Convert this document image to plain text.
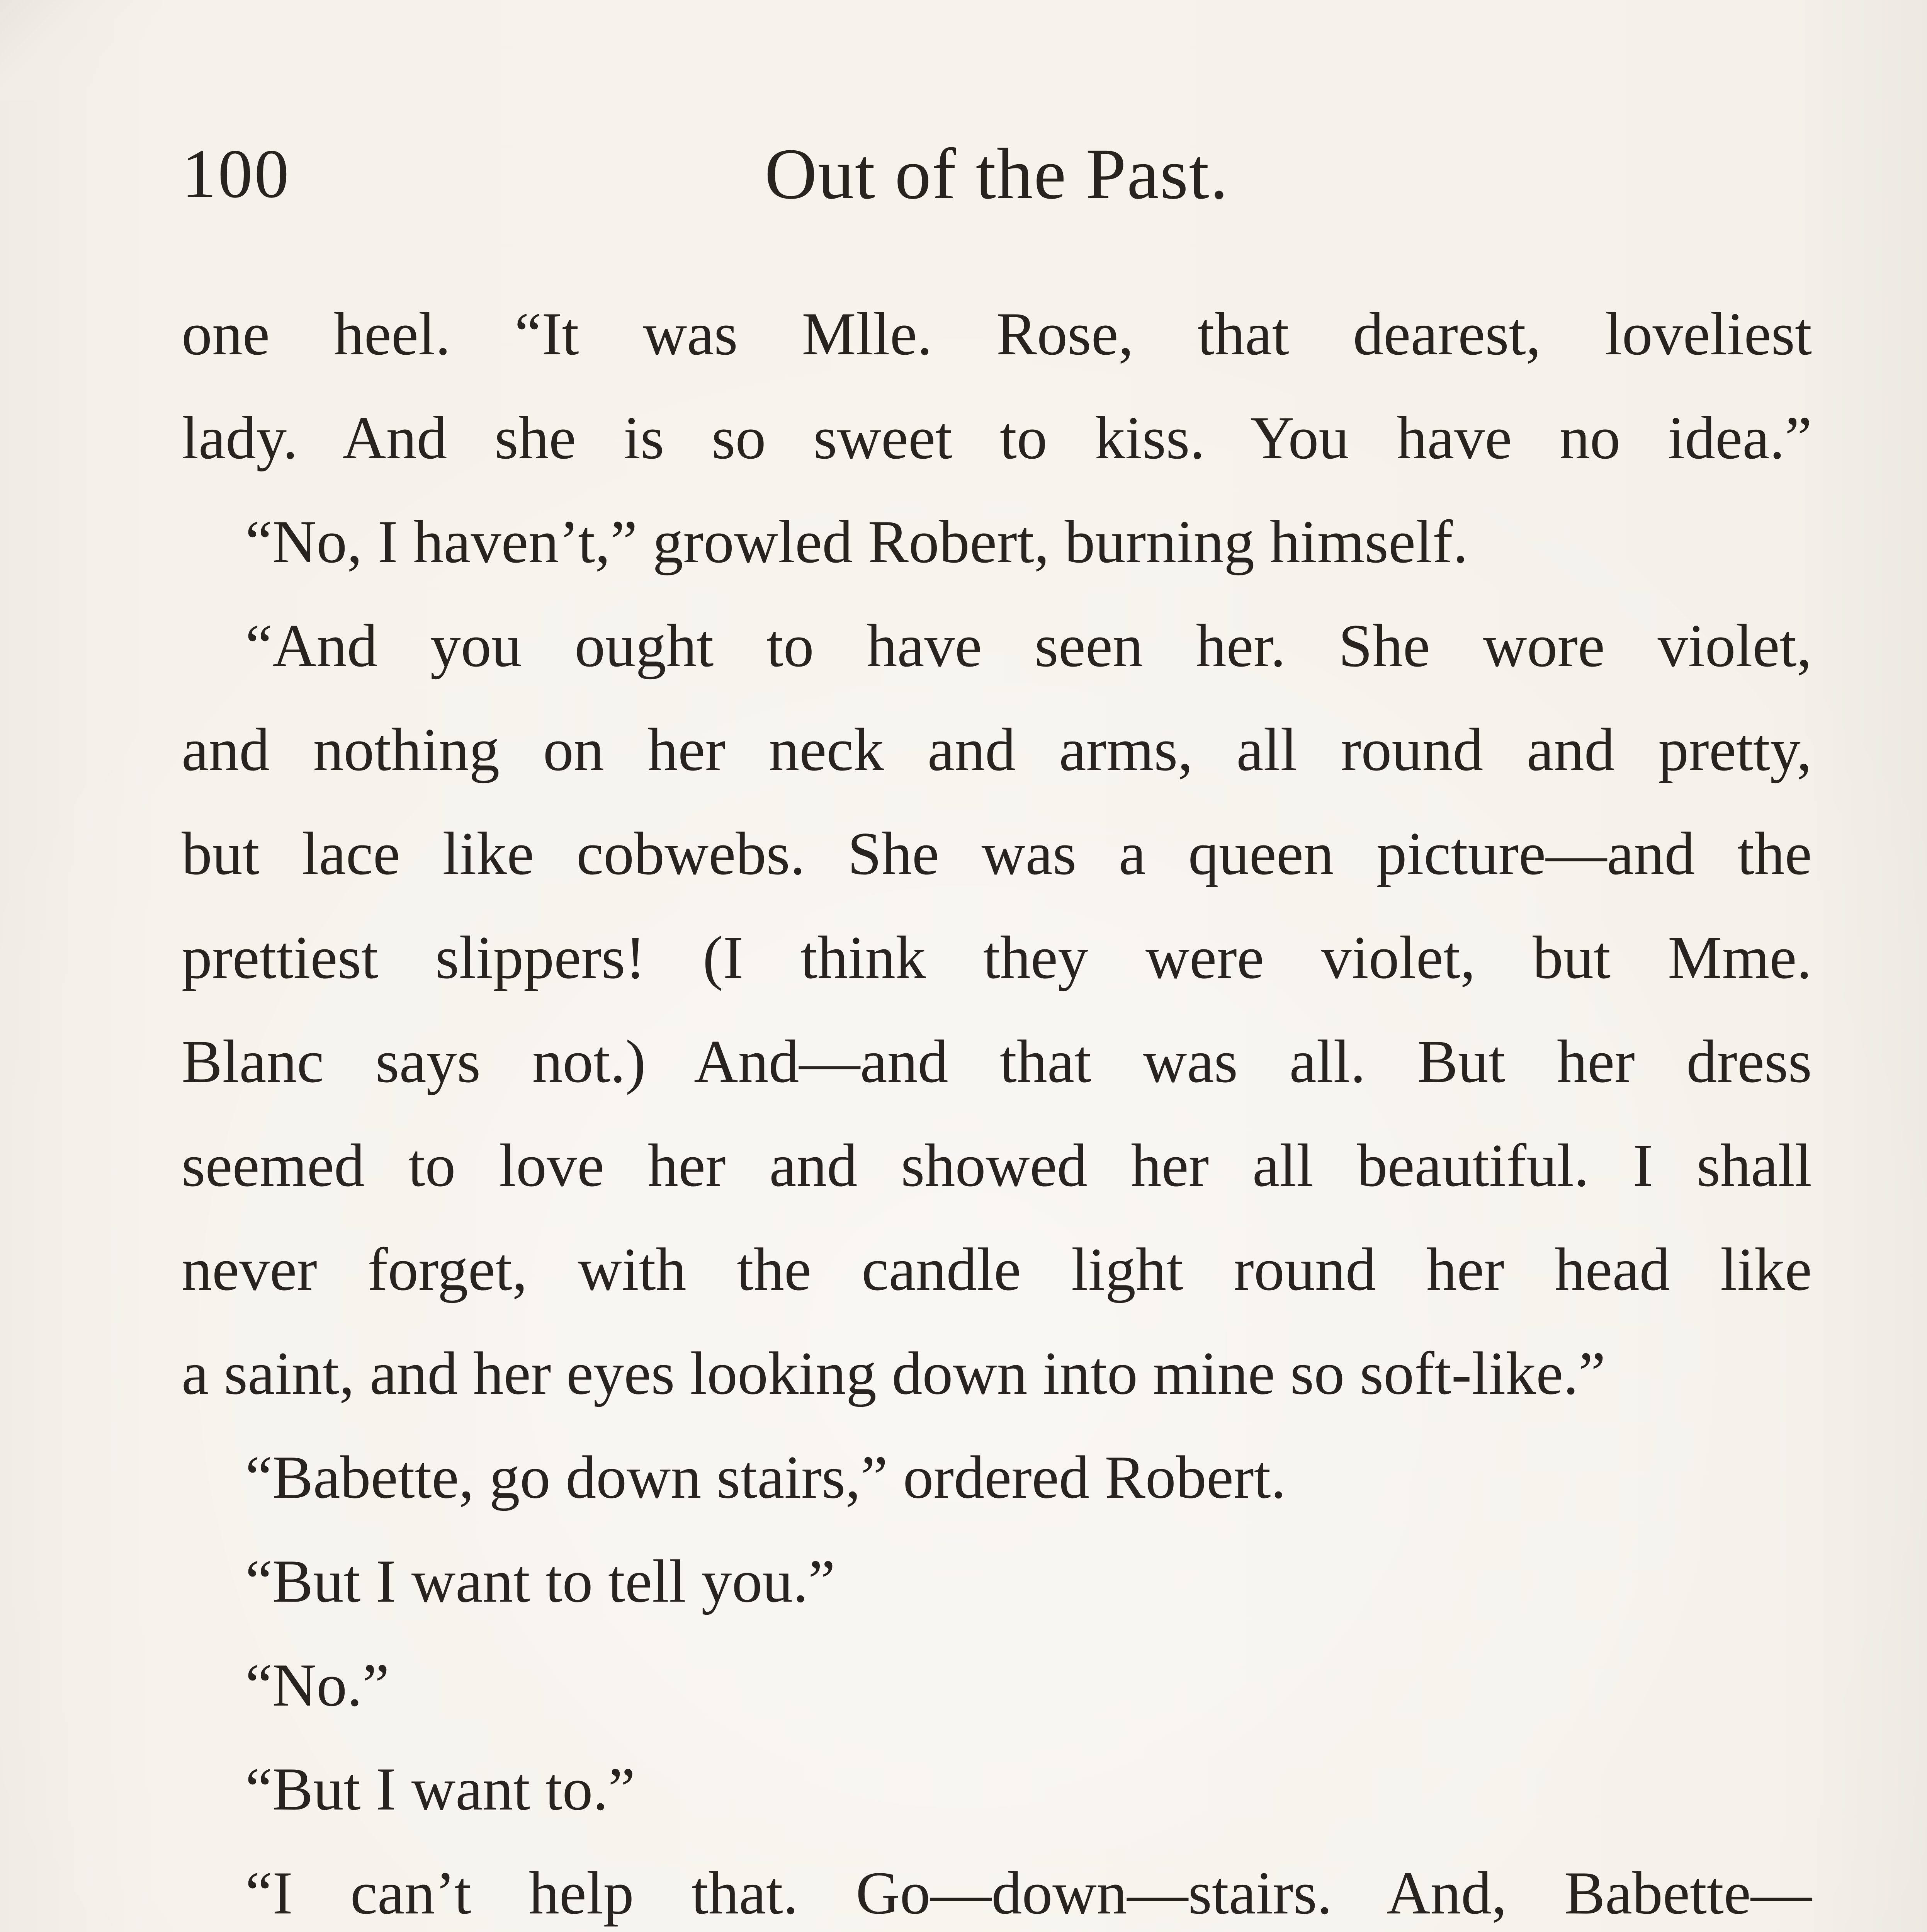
100	Out of the Past.
one heel. “It was Mlle. Rose, that dearest, loveliest
lady. And she is so sweet to kiss. You have no idea.”
“No, I haven’t,” growled Robert, burning himself.
“And you ought to have seen her. She wore violet,
and nothing on her neck and arms, all round and pretty,
but lace like cobwebs. She was a queen picture—and the
prettiest slippers! (I think they were violet, but Mme.
Blanc says not.) And—and that was all. But her dress
seemed to love her and showed her all beautiful. I shall
never forget, with the candle light round her head like
a saint, and her eyes looking down into mine so soft-like.”
“Babette, go down stairs,” ordered Robert.
“But I want to tell you.”
“No.”
“But I want to.”
“I can’t help that. Go—down—stairs. And, Babette—
